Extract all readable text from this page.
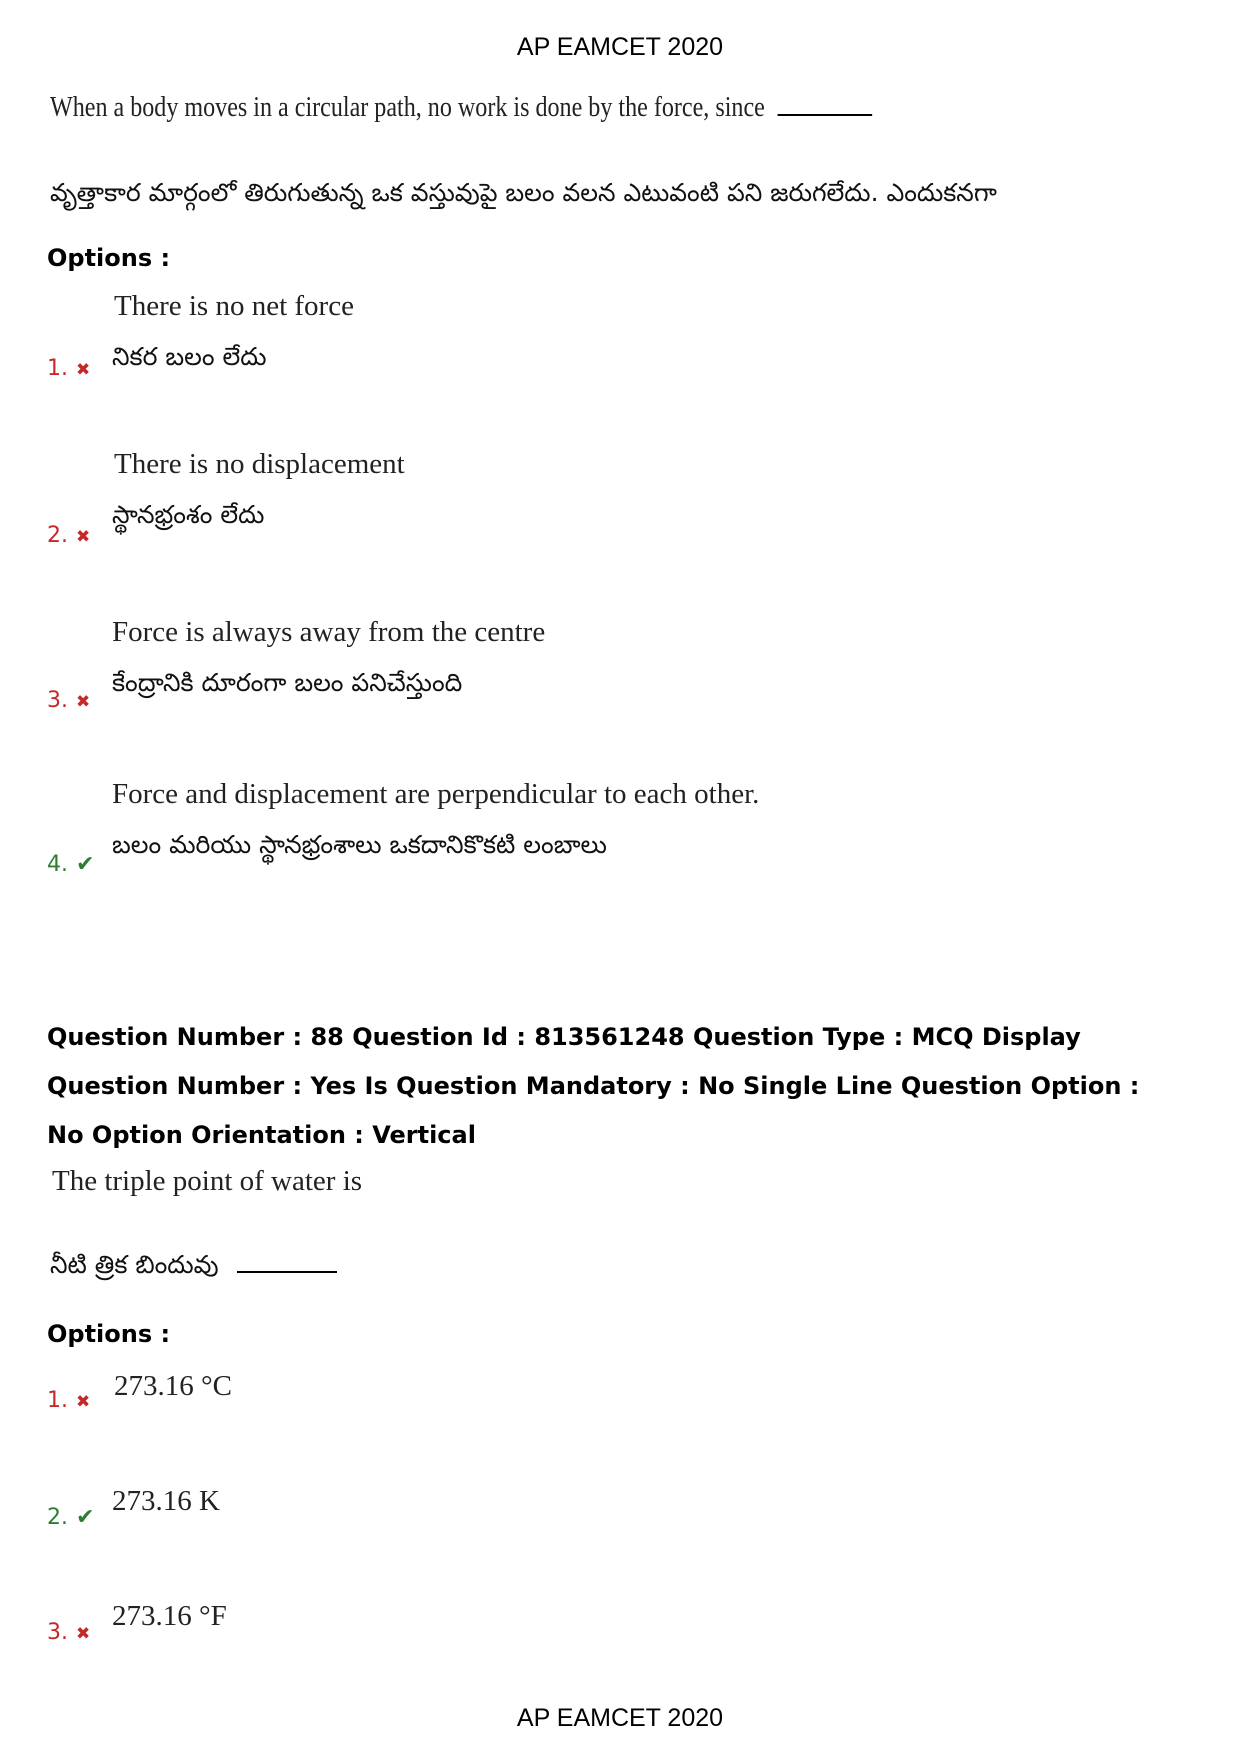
AP EAMCET 2020
When a body moves in a circular path, no work is done by the force, since
వృత్తాకార మార్గంలో తిరుగుతున్న ఒక వస్తువుపై బలం వలన ఎటువంటి పని జరుగలేదు. ఎందుకనగా
Options :
There is no net force
నికర బలం లేదు
1. ✖
There is no displacement
స్థానభ్రంశం లేదు
2. ✖
Force is always away from the centre
కేంద్రానికి దూరంగా బలం పనిచేస్తుంది
3. ✖
Force and displacement are perpendicular to each other.
బలం మరియు స్థానభ్రంశాలు ఒకదానికొకటి లంబాలు
4. ✔
Question Number : 88 Question Id : 813561248 Question Type : MCQ Display Question Number : Yes Is Question Mandatory : No Single Line Question Option : No Option Orientation : Vertical
The triple point of water is
నీటి త్రిక బిందువు
Options :
273.16 °C
1. ✖
273.16 K
2. ✔
273.16 °F
3. ✖
AP EAMCET 2020
